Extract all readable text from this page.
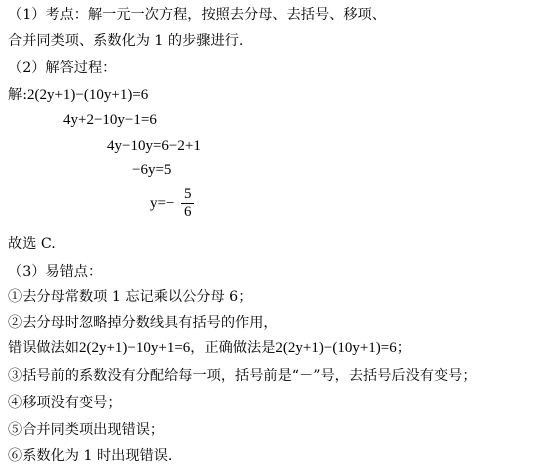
（1）考点：解一元一次方程，按照去分母、去括号、移项、
合并同类项、系数化为 1 的步骤进行.
（2）解答过程：
解:2(2y+1)−(10y+1)=6
4y+2−10y−1=6
4y−10y=6−2+1
−6y=5
$y=- \frac{5}{6}$
故选 C.
（3）易错点：
①去分母常数项 1 忘记乘以公分母 6；
②去分母时忽略掉分数线具有括号的作用，
错误做法如2(2y+1)−10y+1=6，正确做法是2(2y+1)−(10y+1)=6；
③括号前的系数没有分配给每一项，括号前是“－”号，去括号后没有变号；
④移项没有变号；
⑤合并同类项出现错误；
⑥系数化为 1 时出现错误.
